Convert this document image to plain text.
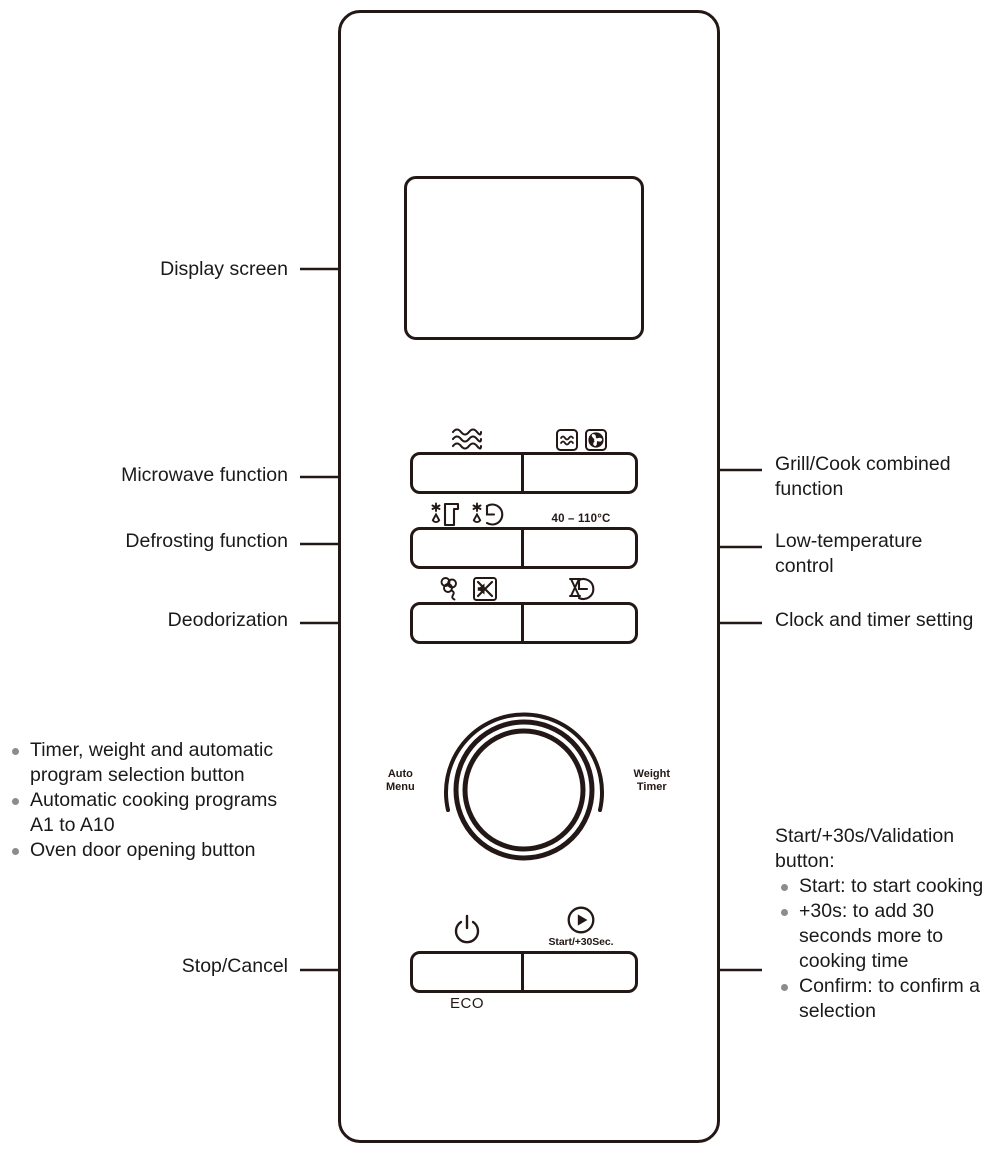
40 – 110°C
Auto
Menu
Weight
Timer
Start/+30Sec.
ECO
Display screen
Microwave function
Defrosting function
Deodorization
Stop/Cancel
Timer, weight and automatic program selection button
Automatic cooking programs A1 to A10
Oven door opening button
Grill/Cook combined
function
Low-temperature
control
Clock and timer setting
Start/+30s/Validation
button:
Start: to start cooking
+30s: to add 30 seconds more to cooking time
Confirm: to confirm a selection
